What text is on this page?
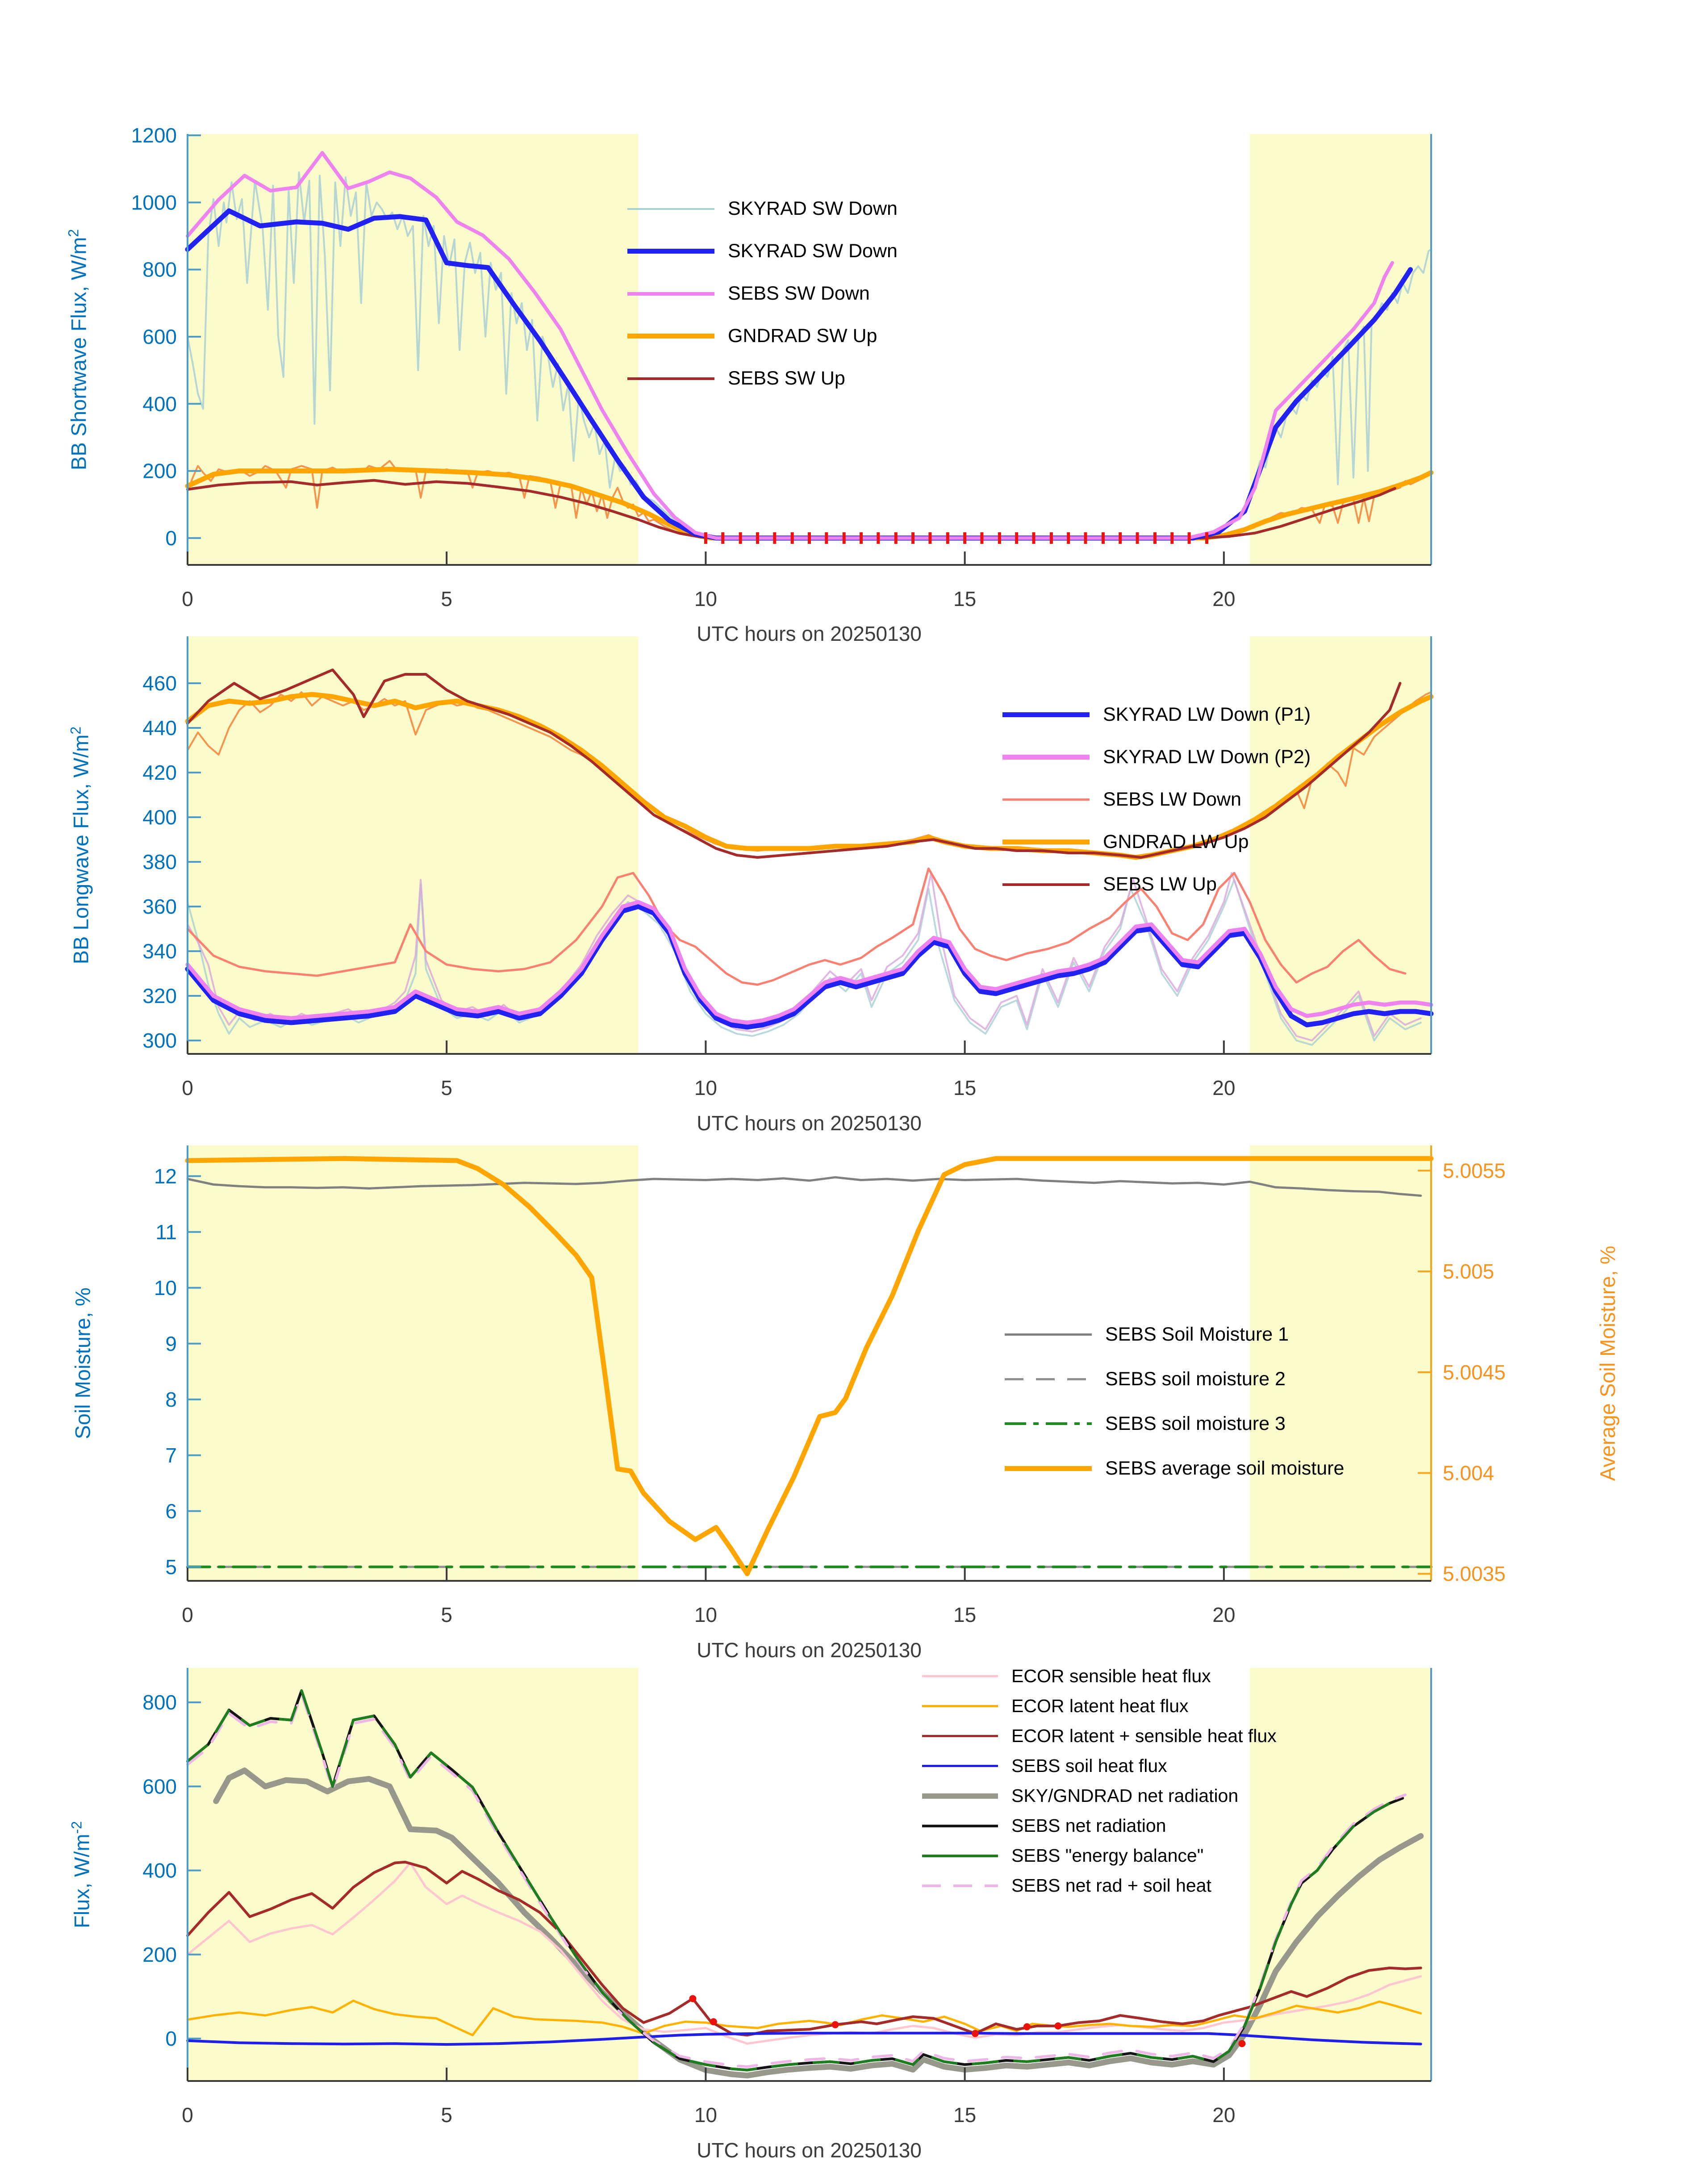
0	5	10	15	20
0
200
400
600
800
1000
1200
0	5	10	15	20
300
320
340
360
380
400
420
440
460
0	5	10	15	20
5
6
7
8
9
10
11
12
5.0035
5.004
5.0045
5.005
5.0055
0	5	10	15	20
0
200
400
600
800
BB Shortwave Flux, $W/m^2$
BB Longwave Flux, $W/m^2$
Soil Moisture, %
Flux, $W/m^{-2}$
Average Soil Moisture, %
UTC hours on 20250130
UTC hours on 20250130
UTC hours on 20250130
UTC hours on 20250130
SKYRAD SW Down
SKYRAD SW Down
SEBS SW Down
GNDRAD SW Up
SEBS SW Up
SKYRAD LW Down (P1)
SKYRAD LW Down (P2)
SEBS LW Down
GNDRAD LW Up
SEBS LW Up
SEBS Soil Moisture 1
SEBS soil moisture 2
SEBS soil moisture 3
SEBS average soil moisture
ECOR sensible heat flux
ECOR latent heat flux
ECOR latent + sensible heat flux
SEBS soil heat flux
SKY/GNDRAD net radiation
SEBS net radiation
SEBS "energy balance"
SEBS net rad + soil heat
